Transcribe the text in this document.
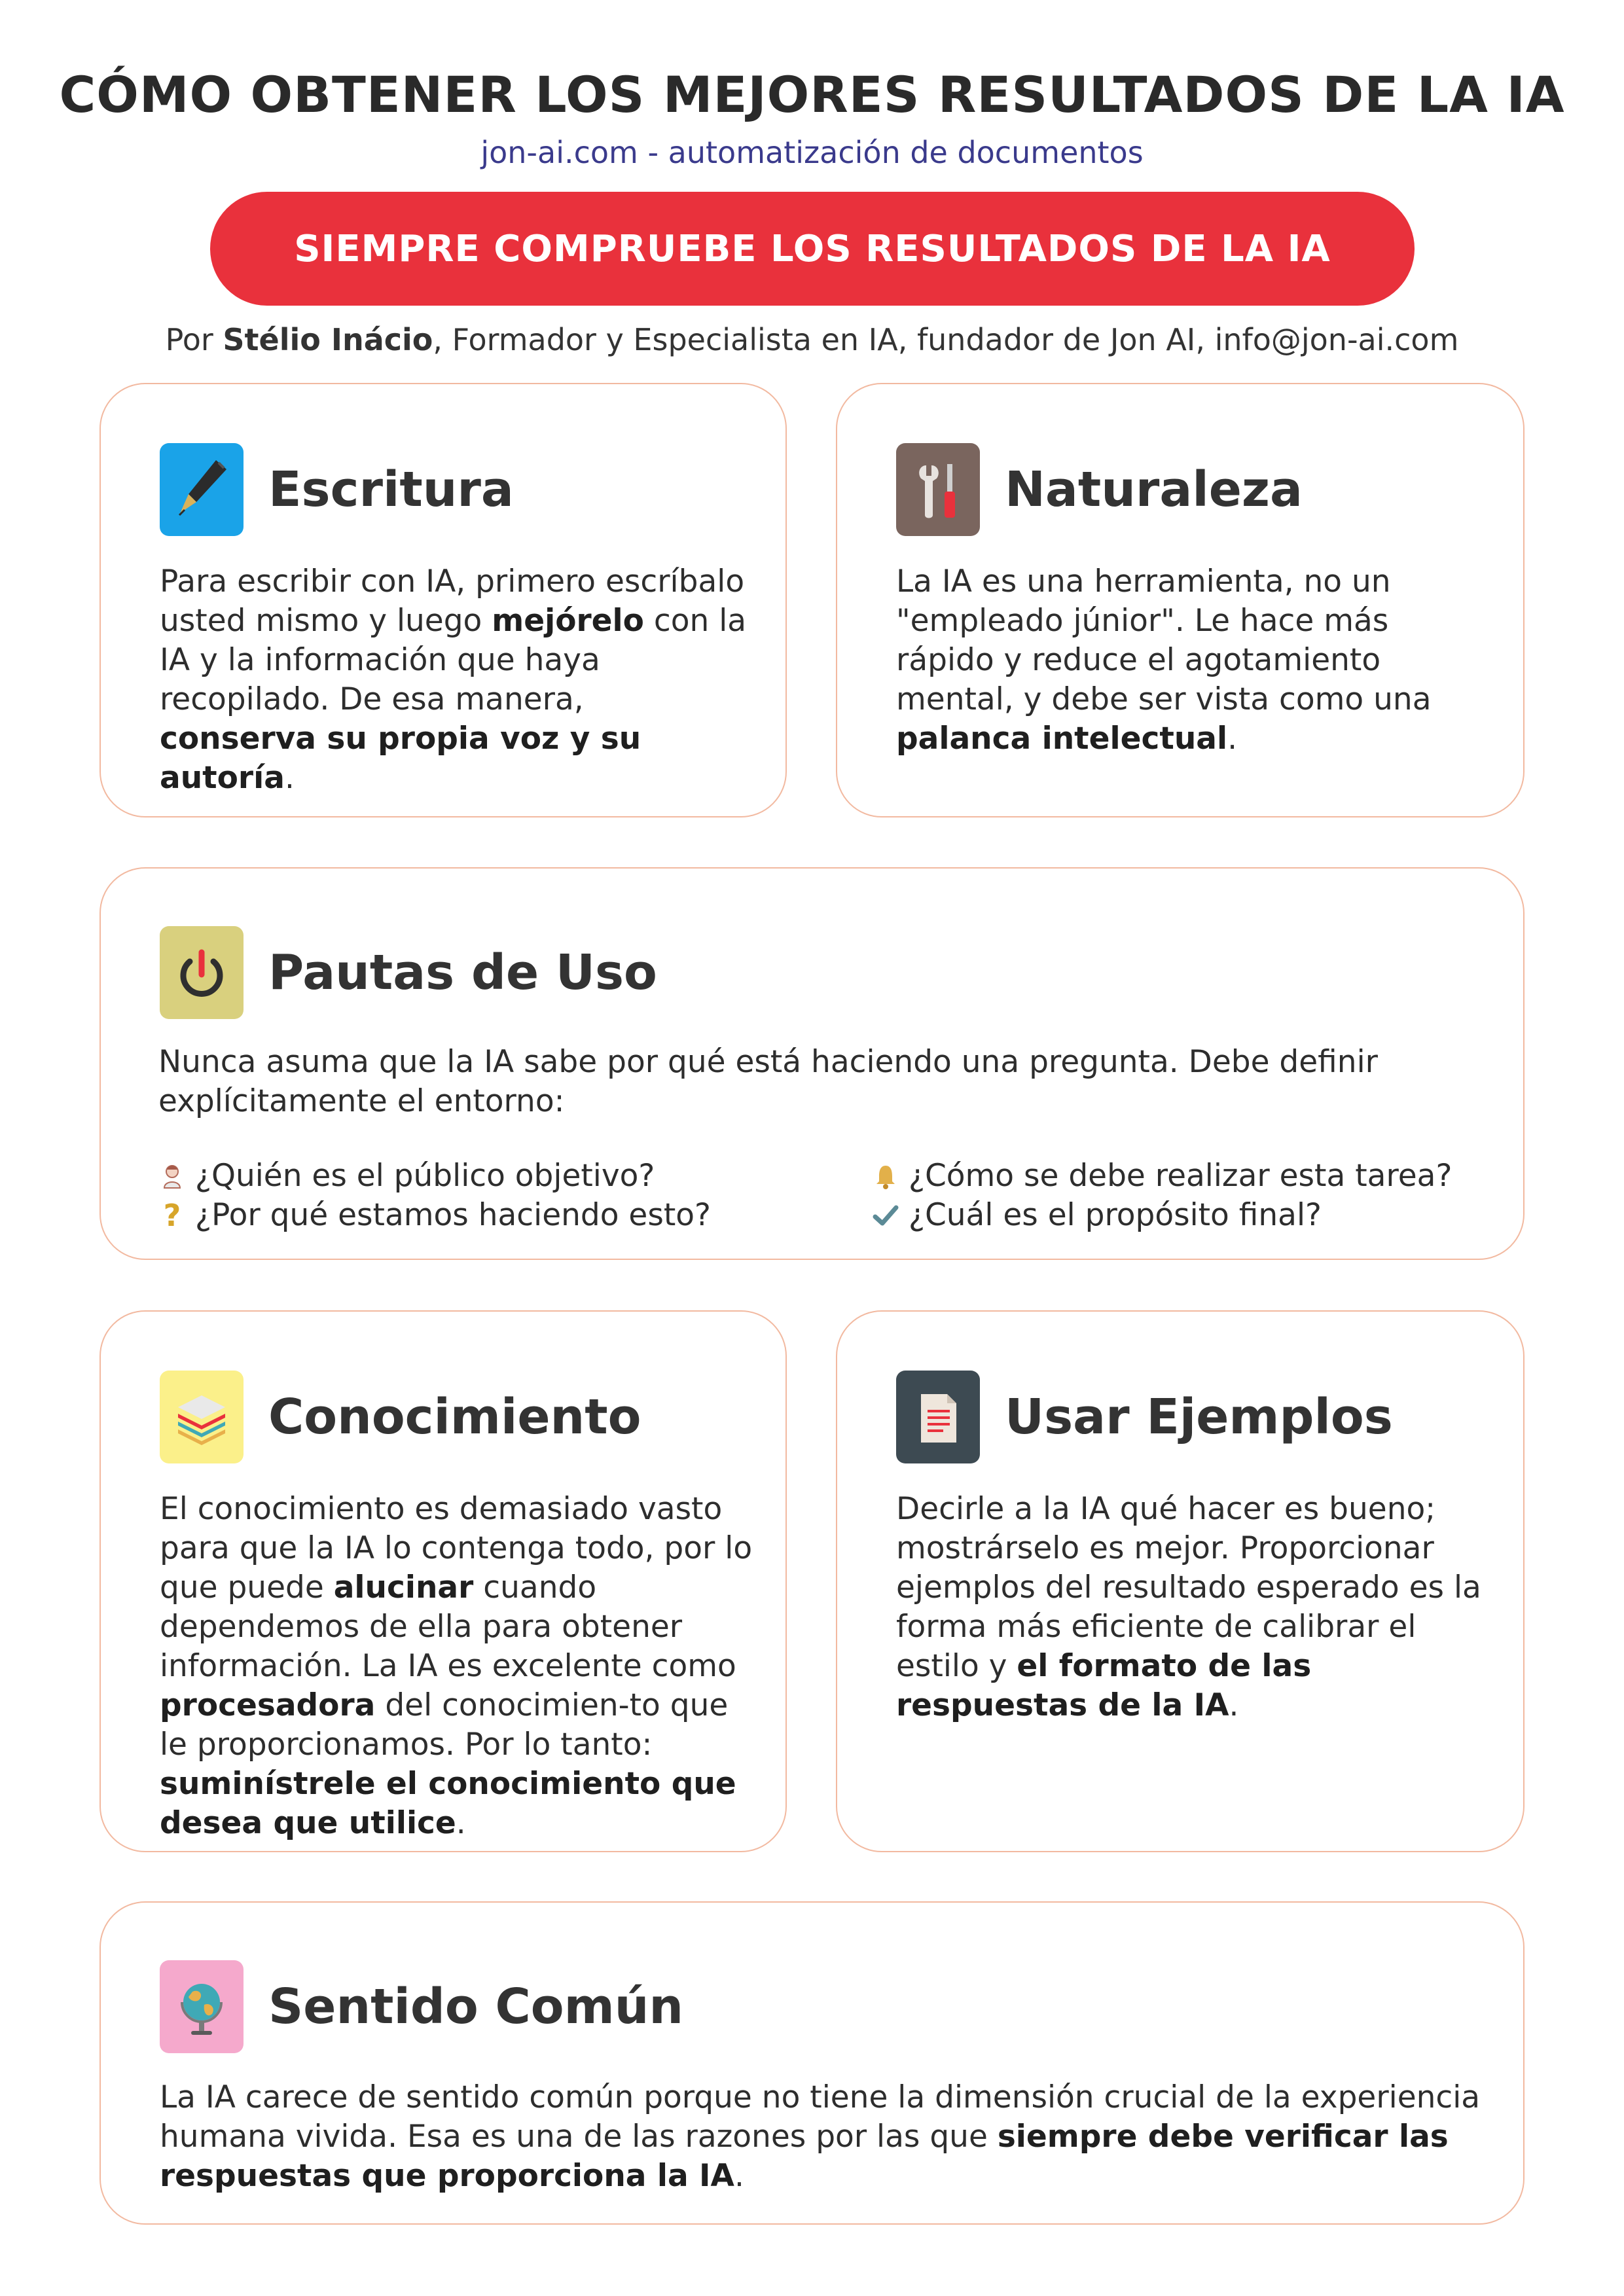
CÓMO OBTENER LOS MEJORES RESULTADOS DE LA IA
jon-ai.com - automatización de documentos
SIEMPRE COMPRUEBE LOS RESULTADOS DE LA IA
Por Stélio Inácio, Formador y Especialista en IA, fundador de Jon AI, info@jon-ai.com
Escritura
Para escribir con IA, primero escríbalo usted mismo y luego mejórelo con la IA y la información que haya recopilado. De esa manera, conserva su propia voz y su autoría.
Naturaleza
La IA es una herramienta, no un "empleado júnior". Le hace más rápido y reduce el agotamiento mental, y debe ser vista como una palanca intelectual.
Pautas de Uso
Nunca asuma que la IA sabe por qué está haciendo una pregunta. Debe definir explícitamente el entorno:
¿Quién es el público objetivo?
? ¿Por qué estamos haciendo esto?
¿Cómo se debe realizar esta tarea?
¿Cuál es el propósito final?
Conocimiento
El conocimiento es demasiado vasto para que la IA lo contenga todo, por lo que puede alucinar cuando dependemos de ella para obtener información. La IA es excelente como procesadora del conocimien-to que le proporcionamos. Por lo tanto: suminístrele el conocimiento que desea que utilice.
Usar Ejemplos
Decirle a la IA qué hacer es bueno; mostrárselo es mejor. Proporcionar ejemplos del resultado esperado es la forma más eficiente de calibrar el estilo y el formato de las respuestas de la IA.
Sentido Común
La IA carece de sentido común porque no tiene la dimensión crucial de la experiencia humana vivida. Esa es una de las razones por las que siempre debe verificar las respuestas que proporciona la IA.
